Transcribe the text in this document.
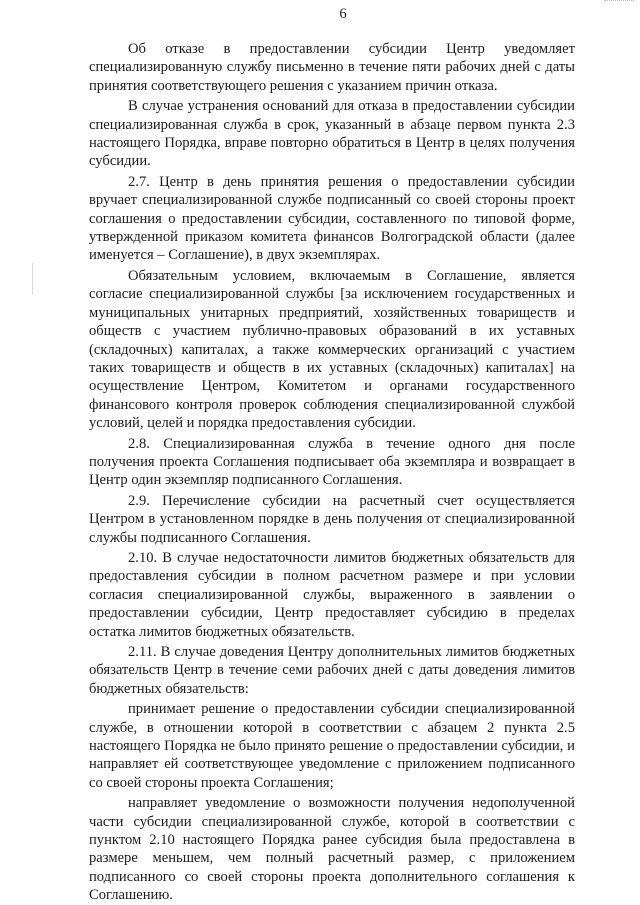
6

Об отказе в предоставлении субсидии Центр уведомляет специализированную службу письменно в течение пяти рабочих дней с даты принятия соответствующего решения с указанием причин отказа.

В случае устранения оснований для отказа в предоставлении субсидии специализированная служба в срок, указанный в абзаце первом пункта 2.3 настоящего Порядка, вправе повторно обратиться в Центр в целях получения субсидии.

2.7. Центр в день принятия решения о предоставлении субсидии вручает специализированной службе подписанный со своей стороны проект соглашения о предоставлении субсидии, составленного по типовой форме, утвержденной приказом комитета финансов Волгоградской области (далее именуется – Соглашение), в двух экземплярах.

Обязательным условием, включаемым в Соглашение, является согласие специализированной службы [за исключением государственных и муниципальных унитарных предприятий, хозяйственных товариществ и обществ с участием публично-правовых образований в их уставных (складочных) капиталах, а также коммерческих организаций с участием таких товариществ и обществ в их уставных (складочных) капиталах] на осуществление Центром, Комитетом и органами государственного финансового контроля проверок соблюдения специализированной службой условий, целей и порядка предоставления субсидии.

2.8. Специализированная служба в течение одного дня после получения проекта Соглашения подписывает оба экземпляра и возвращает в Центр один экземпляр подписанного Соглашения.

2.9. Перечисление субсидии на расчетный счет осуществляется Центром в установленном порядке в день получения от специализированной службы подписанного Соглашения.

2.10. В случае недостаточности лимитов бюджетных обязательств для предоставления субсидии в полном расчетном размере и при условии согласия специализированной службы, выраженного в заявлении о предоставлении субсидии, Центр предоставляет субсидию в пределах остатка лимитов бюджетных обязательств.

2.11. В случае доведения Центру дополнительных лимитов бюджетных обязательств Центр в течение семи рабочих дней с даты доведения лимитов бюджетных обязательств:

принимает решение о предоставлении субсидии специализированной службе, в отношении которой в соответствии с абзацем 2 пункта 2.5 настоящего Порядка не было принято решение о предоставлении субсидии, и направляет ей соответствующее уведомление с приложением подписанного со своей стороны проекта Соглашения;

направляет уведомление о возможности получения недополученной части субсидии специализированной службе, которой в соответствии с пунктом 2.10 настоящего Порядка ранее субсидия была предоставлена в размере меньшем, чем полный расчетный размер, с приложением подписанного со своей стороны проекта дополнительного соглашения к Соглашению.
